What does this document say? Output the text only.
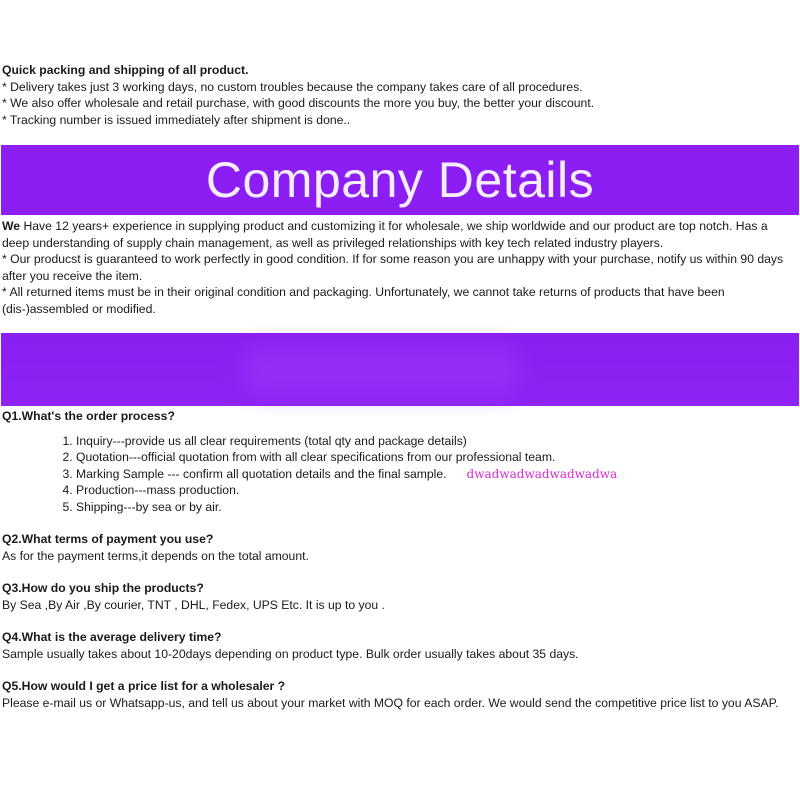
Quick packing and shipping of all product.
* Delivery takes just 3 working days, no custom troubles because the company takes care of all procedures.
* We also offer wholesale and retail purchase, with good discounts the more you buy, the better your discount.
* Tracking number is issued immediately after shipment is done..
Company Details
We Have 12 years+ experience in supplying product and customizing it for wholesale, we ship worldwide and our product are top notch. Has a deep understanding of supply chain management, as well as privileged relationships with key tech related industry players.
* Our producst is guaranteed to work perfectly in good condition. If for some reason you are unhappy with your purchase, notify us within 90 days after you receive the item.
* All returned items must be in their original condition and packaging. Unfortunately, we cannot take returns of products that have been (dis-)assembled or modified.
Q1.What's the order process?
1. Inquiry---provide us all clear requirements (total qty and package details)
2. Quotation---official quotation from with all clear specifications from our professional team.
3. Marking Sample --- confirm all quotation details and the final sample. dwadwadwadwadwadwa
4. Production---mass production.
5. Shipping---by sea or by air.
Q2.What terms of payment you use?
As for the payment terms,it depends on the total amount.
Q3.How do you ship the products?
By Sea ,By Air ,By courier, TNT , DHL, Fedex, UPS Etc. It is up to you .
Q4.What is the average delivery time?
Sample usually takes about 10-20days depending on product type. Bulk order usually takes about 35 days.
Q5.How would I get a price list for a wholesaler ?
Please e-mail us or Whatsapp-us, and tell us about your market with MOQ for each order. We would send the competitive price list to you ASAP.
